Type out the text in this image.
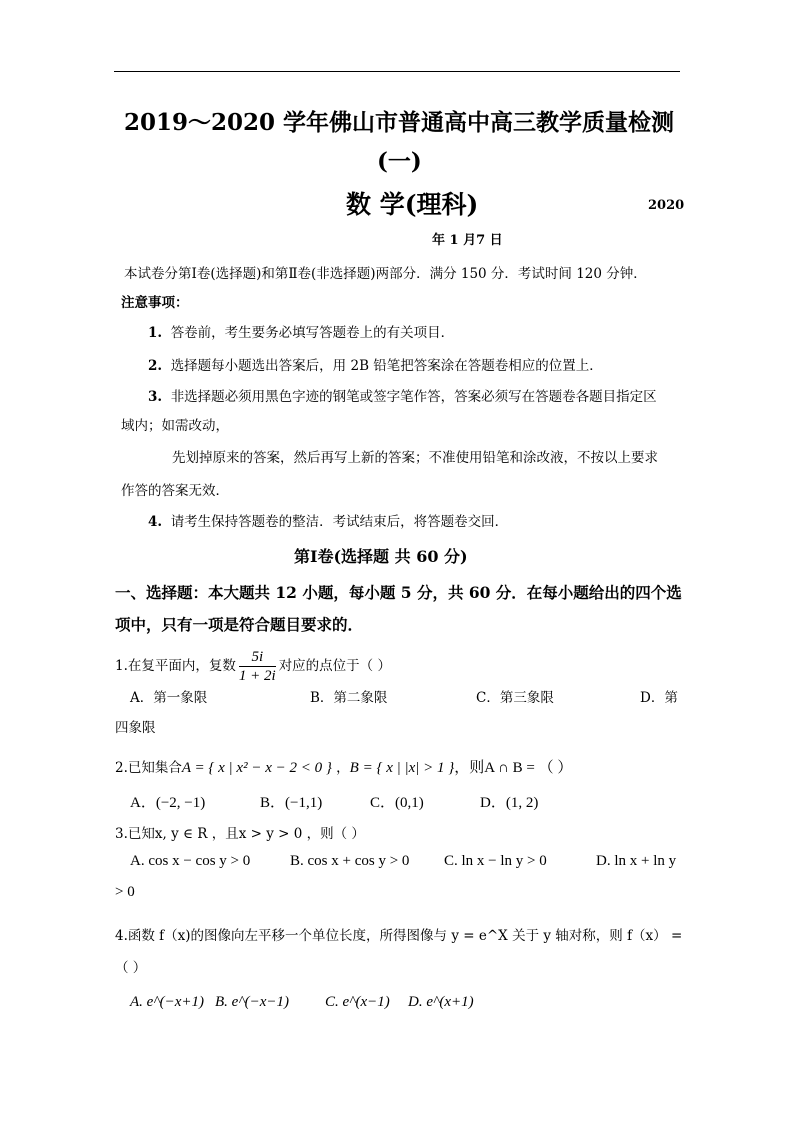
2019～2020 学年佛山市普通高中高三教学质量检测
(一)
数 学(理科)	2020
年 1 月7 日
本试卷分第Ⅰ卷(选择题)和第Ⅱ卷(非选择题)两部分．满分 150 分．考试时间 120 分钟．
注意事项：
1. 答卷前，考生要务必填写答题卷上的有关项目．
2. 选择题每小题选出答案后，用 2B 铅笔把答案涂在答题卷相应的位置上．
3. 非选择题必须用黑色字迹的钢笔或签字笔作答，答案必须写在答题卷各题目指定区
域内；如需改动，
先划掉原来的答案，然后再写上新的答案；不准使用铅笔和涂改液，不按以上要求
作答的答案无效．
4. 请考生保持答题卷的整洁．考试结束后，将答题卷交回．
第Ⅰ卷(选择题 共 60 分)
一、选择题：本大题共 12 小题，每小题 5 分，共 60 分．在每小题给出的四个选
项中，只有一项是符合题目要求的．
1.在复平面内，复数 $\frac{5i}{1 + 2i}$ 对应的点位于（ ）
A．第一象限	B．第二象限	C．第三象限	D．第
四象限
2.已知集合A = { x | x² − x − 2 < 0 } ，B = { x | |x| > 1 }，则A ∩ B = （ ）
A．(−2, −1)	B．(−1,1)	C．(0,1)	D．(1, 2)
3.已知x, y ∈ R ，且x > y > 0 ，则（ ）
A. cos x − cos y > 0	B. cos x + cos y > 0 C. ln x − ln y > 0	D. ln x + ln y
> 0
4.函数 f（x)的图像向左平移一个单位长度，所得图像与 y = e^X 关于 y 轴对称，则 f（x） =
（ ）
A. e^(−x+1) B. e^(−x−1) C. e^(x−1) D. e^(x+1)
